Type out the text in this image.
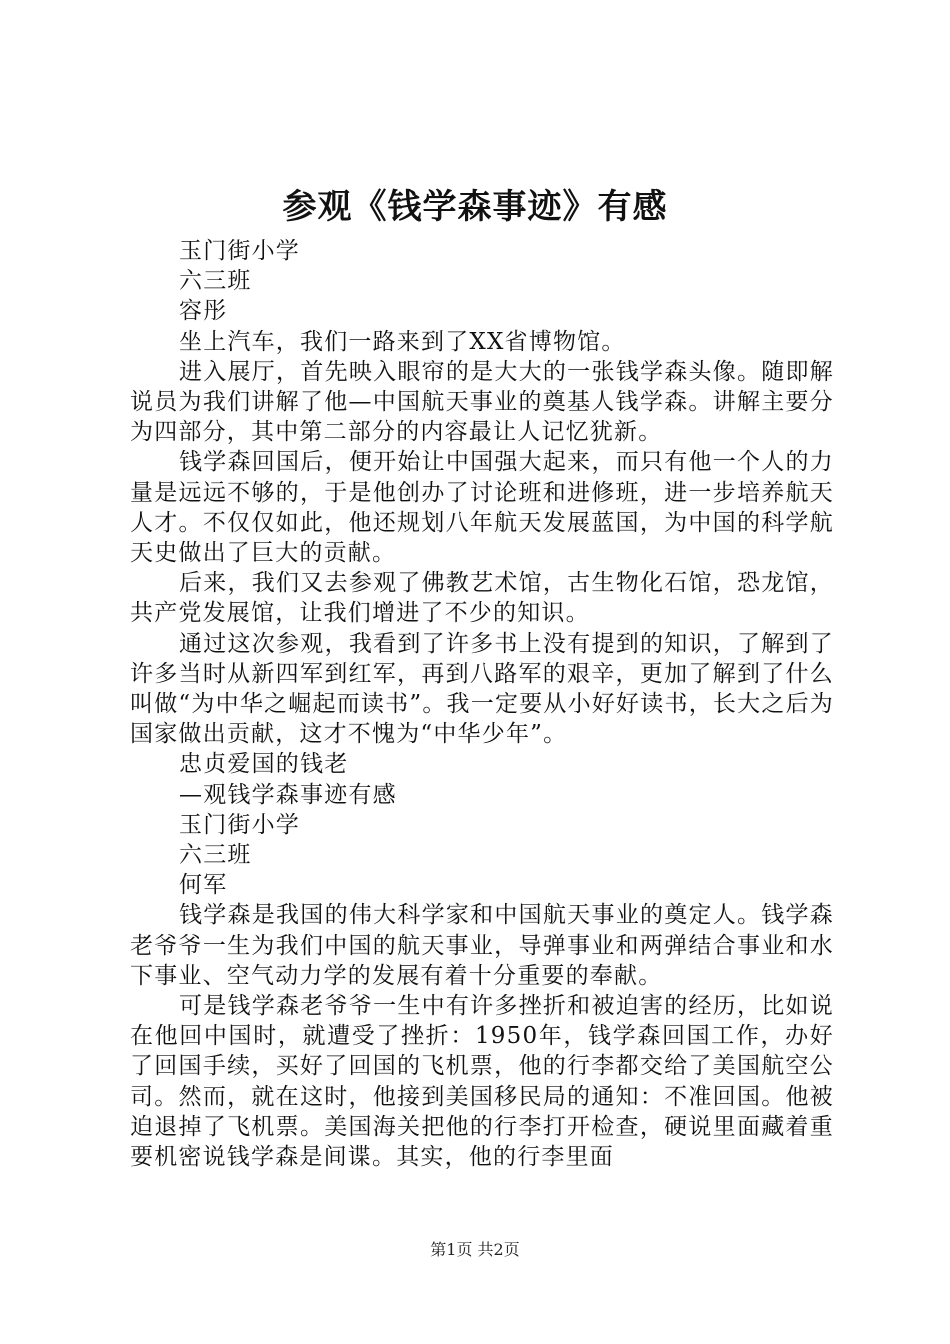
参观《钱学森事迹》有感
玉门街小学
六三班
容彤

坐上汽车，我们一路来到了XX省博物馆。

进入展厅，首先映入眼帘的是大大的一张钱学森头像。随即解说员为我们讲解了他—中国航天事业的奠基人钱学森。讲解主要分为四部分，其中第二部分的内容最让人记忆犹新。

钱学森回国后，便开始让中国强大起来，而只有他一个人的力量是远远不够的，于是他创办了讨论班和进修班，进一步培养航天人才。不仅仅如此，他还规划八年航天发展蓝国，为中国的科学航天史做出了巨大的贡献。

后来，我们又去参观了佛教艺术馆，古生物化石馆，恐龙馆，共产党发展馆，让我们增进了不少的知识。

通过这次参观，我看到了许多书上没有提到的知识，了解到了许多当时从新四军到红军，再到八路军的艰辛，更加了解到了什么叫做“为中华之崛起而读书”。我一定要从小好好读书，长大之后为国家做出贡献，这才不愧为“中华少年”。

忠贞爱国的钱老
—观钱学森事迹有感
玉门街小学
六三班
何军

钱学森是我国的伟大科学家和中国航天事业的奠定人。钱学森老爷爷一生为我们中国的航天事业，导弹事业和两弹结合事业和水下事业、空气动力学的发展有着十分重要的奉献。

可是钱学森老爷爷一生中有许多挫折和被迫害的经历，比如说在他回中国时，就遭受了挫折：1950年，钱学森回国工作，办好了回国手续，买好了回国的飞机票，他的行李都交给了美国航空公司。然而，就在这时，他接到美国移民局的通知：不准回国。他被迫退掉了飞机票。美国海关把他的行李打开检查，硬说里面藏着重要机密说钱学森是间谍。其实，他的行李里面

第1页 共2页
